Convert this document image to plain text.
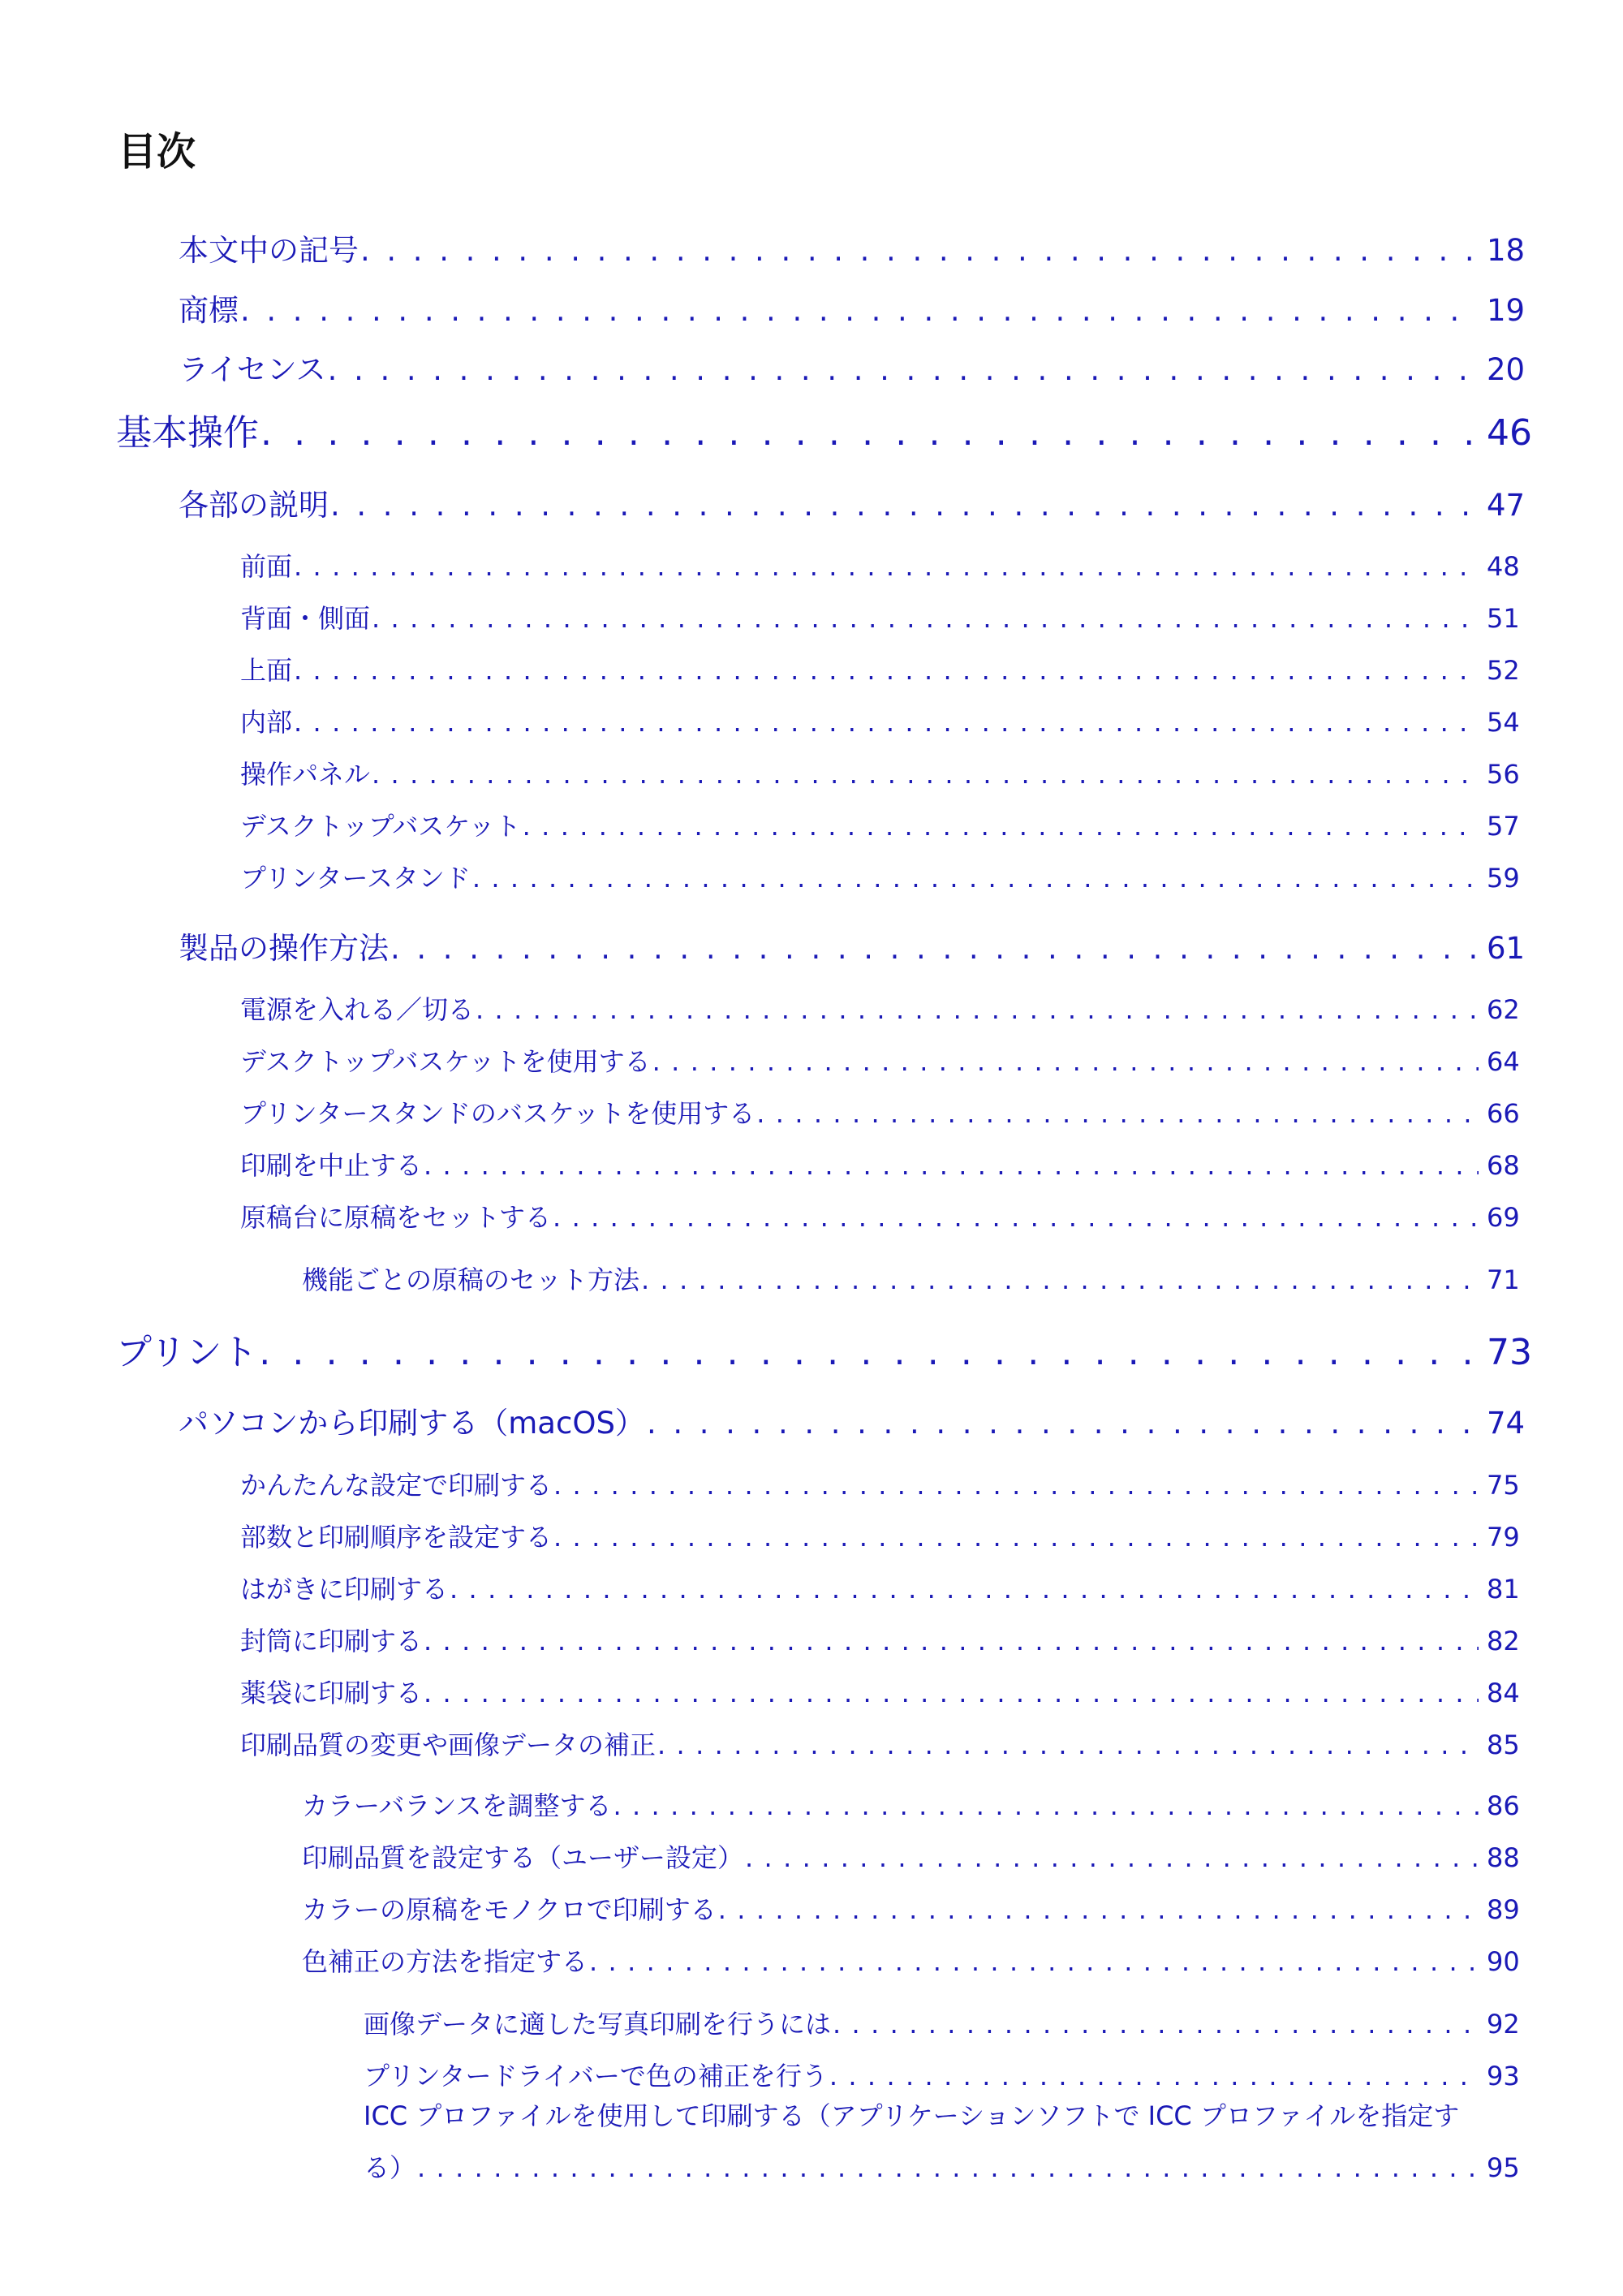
目次
本文中の記号 . . .	18
商標 . . .	19
ライセンス . . .	20
基本操作 . . .	46
各部の説明 . . .	47
前面 . . .	48
背面・側面 . . .	51
上面 . . .	52
内部 . . .	54
操作パネル . . .	56
デスクトップバスケット . . .	57
プリンタースタンド . . .	59
製品の操作方法 . . .	61
電源を入れる／切る . . .	62
デスクトップバスケットを使用する . . .	64
プリンタースタンドのバスケットを使用する . . .	66
印刷を中止する . . .	68
原稿台に原稿をセットする . . .	69
機能ごとの原稿のセット方法 . . .	71
プリント . . .	73
パソコンから印刷する（macOS） . . .	74
かんたんな設定で印刷する . . .	75
部数と印刷順序を設定する . . .	79
はがきに印刷する . . .	81
封筒に印刷する . . .	82
薬袋に印刷する . . .	84
印刷品質の変更や画像データの補正 . . .	85
カラーバランスを調整する . . .	86
印刷品質を設定する（ユーザー設定） . . .	88
カラーの原稿をモノクロで印刷する . . .	89
色補正の方法を指定する . . .	90
画像データに適した写真印刷を行うには . . .	92
プリンタードライバーで色の補正を行う . . .	93
ICC プロファイルを使用して印刷する（アプリケーションソフトで ICC プロファイルを指定す
る） . . .	95
